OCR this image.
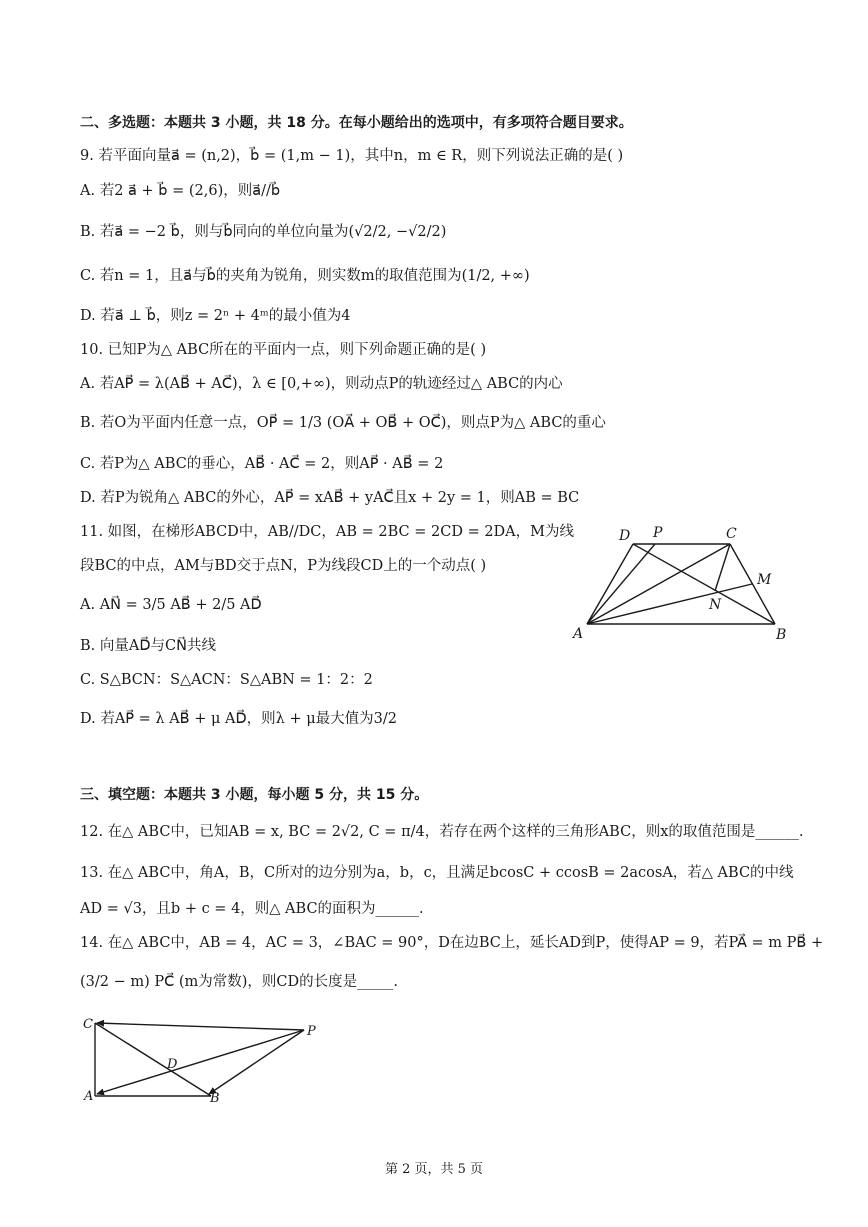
二、多选题：本题共 3 小题，共 18 分。在每小题给出的选项中，有多项符合题目要求。
9. 若平面向量a⃗ = (n,2)，b⃗ = (1,m − 1)，其中n，m ∈ R，则下列说法正确的是( )
A. 若2 a⃗ + b⃗ = (2,6)，则a⃗//b⃗
B. 若a⃗ = −2 b⃗，则与b⃗同向的单位向量为(√2/2, −√2/2)
C. 若n = 1，且a⃗与b⃗的夹角为锐角，则实数m的取值范围为(1/2, +∞)
D. 若a⃗ ⊥ b⃗，则z = 2ⁿ + 4ᵐ的最小值为4
10. 已知P为△ ABC所在的平面内一点，则下列命题正确的是( )
A. 若AP⃗ = λ(AB⃗ + AC⃗)，λ ∈ [0,+∞)，则动点P的轨迹经过△ ABC的内心
B. 若O为平面内任意一点，OP⃗ = 1/3 (OA⃗ + OB⃗ + OC⃗)，则点P为△ ABC的重心
C. 若P为△ ABC的垂心，AB⃗ · AC⃗ = 2，则AP⃗ · AB⃗ = 2
D. 若P为锐角△ ABC的外心，AP⃗ = xAB⃗ + yAC⃗且x + 2y = 1，则AB = BC
11. 如图，在梯形ABCD中，AB//DC，AB = 2BC = 2CD = 2DA，M为线
段BC的中点，AM与BD交于点N，P为线段CD上的一个动点( )
A. AN⃗ = 3/5 AB⃗ + 2/5 AD⃗
B. 向量AD⃗与CN⃗共线
C. S△BCN：S△ACN：S△ABN = 1：2：2
D. 若AP⃗ = λ AB⃗ + μ AD⃗，则λ + μ最大值为3/2
D P	C
M
N
A	B
三、填空题：本题共 3 小题，每小题 5 分，共 15 分。
12. 在△ ABC中，已知AB = x, BC = 2√2, C = π/4，若存在两个这样的三角形ABC，则x的取值范围是______.
13. 在△ ABC中，角A，B，C所对的边分别为a，b，c，且满足bcosC + ccosB = 2acosA，若△ ABC的中线
AD = √3，且b + c = 4，则△ ABC的面积为______.
14. 在△ ABC中，AB = 4，AC = 3，∠BAC = 90°，D在边BC上，延长AD到P，使得AP = 9，若PA⃗ = m PB⃗ +
(3/2 − m) PC⃗ (m为常数)，则CD的长度是_____.
C	P
D
A	B
第 2 页，共 5 页
